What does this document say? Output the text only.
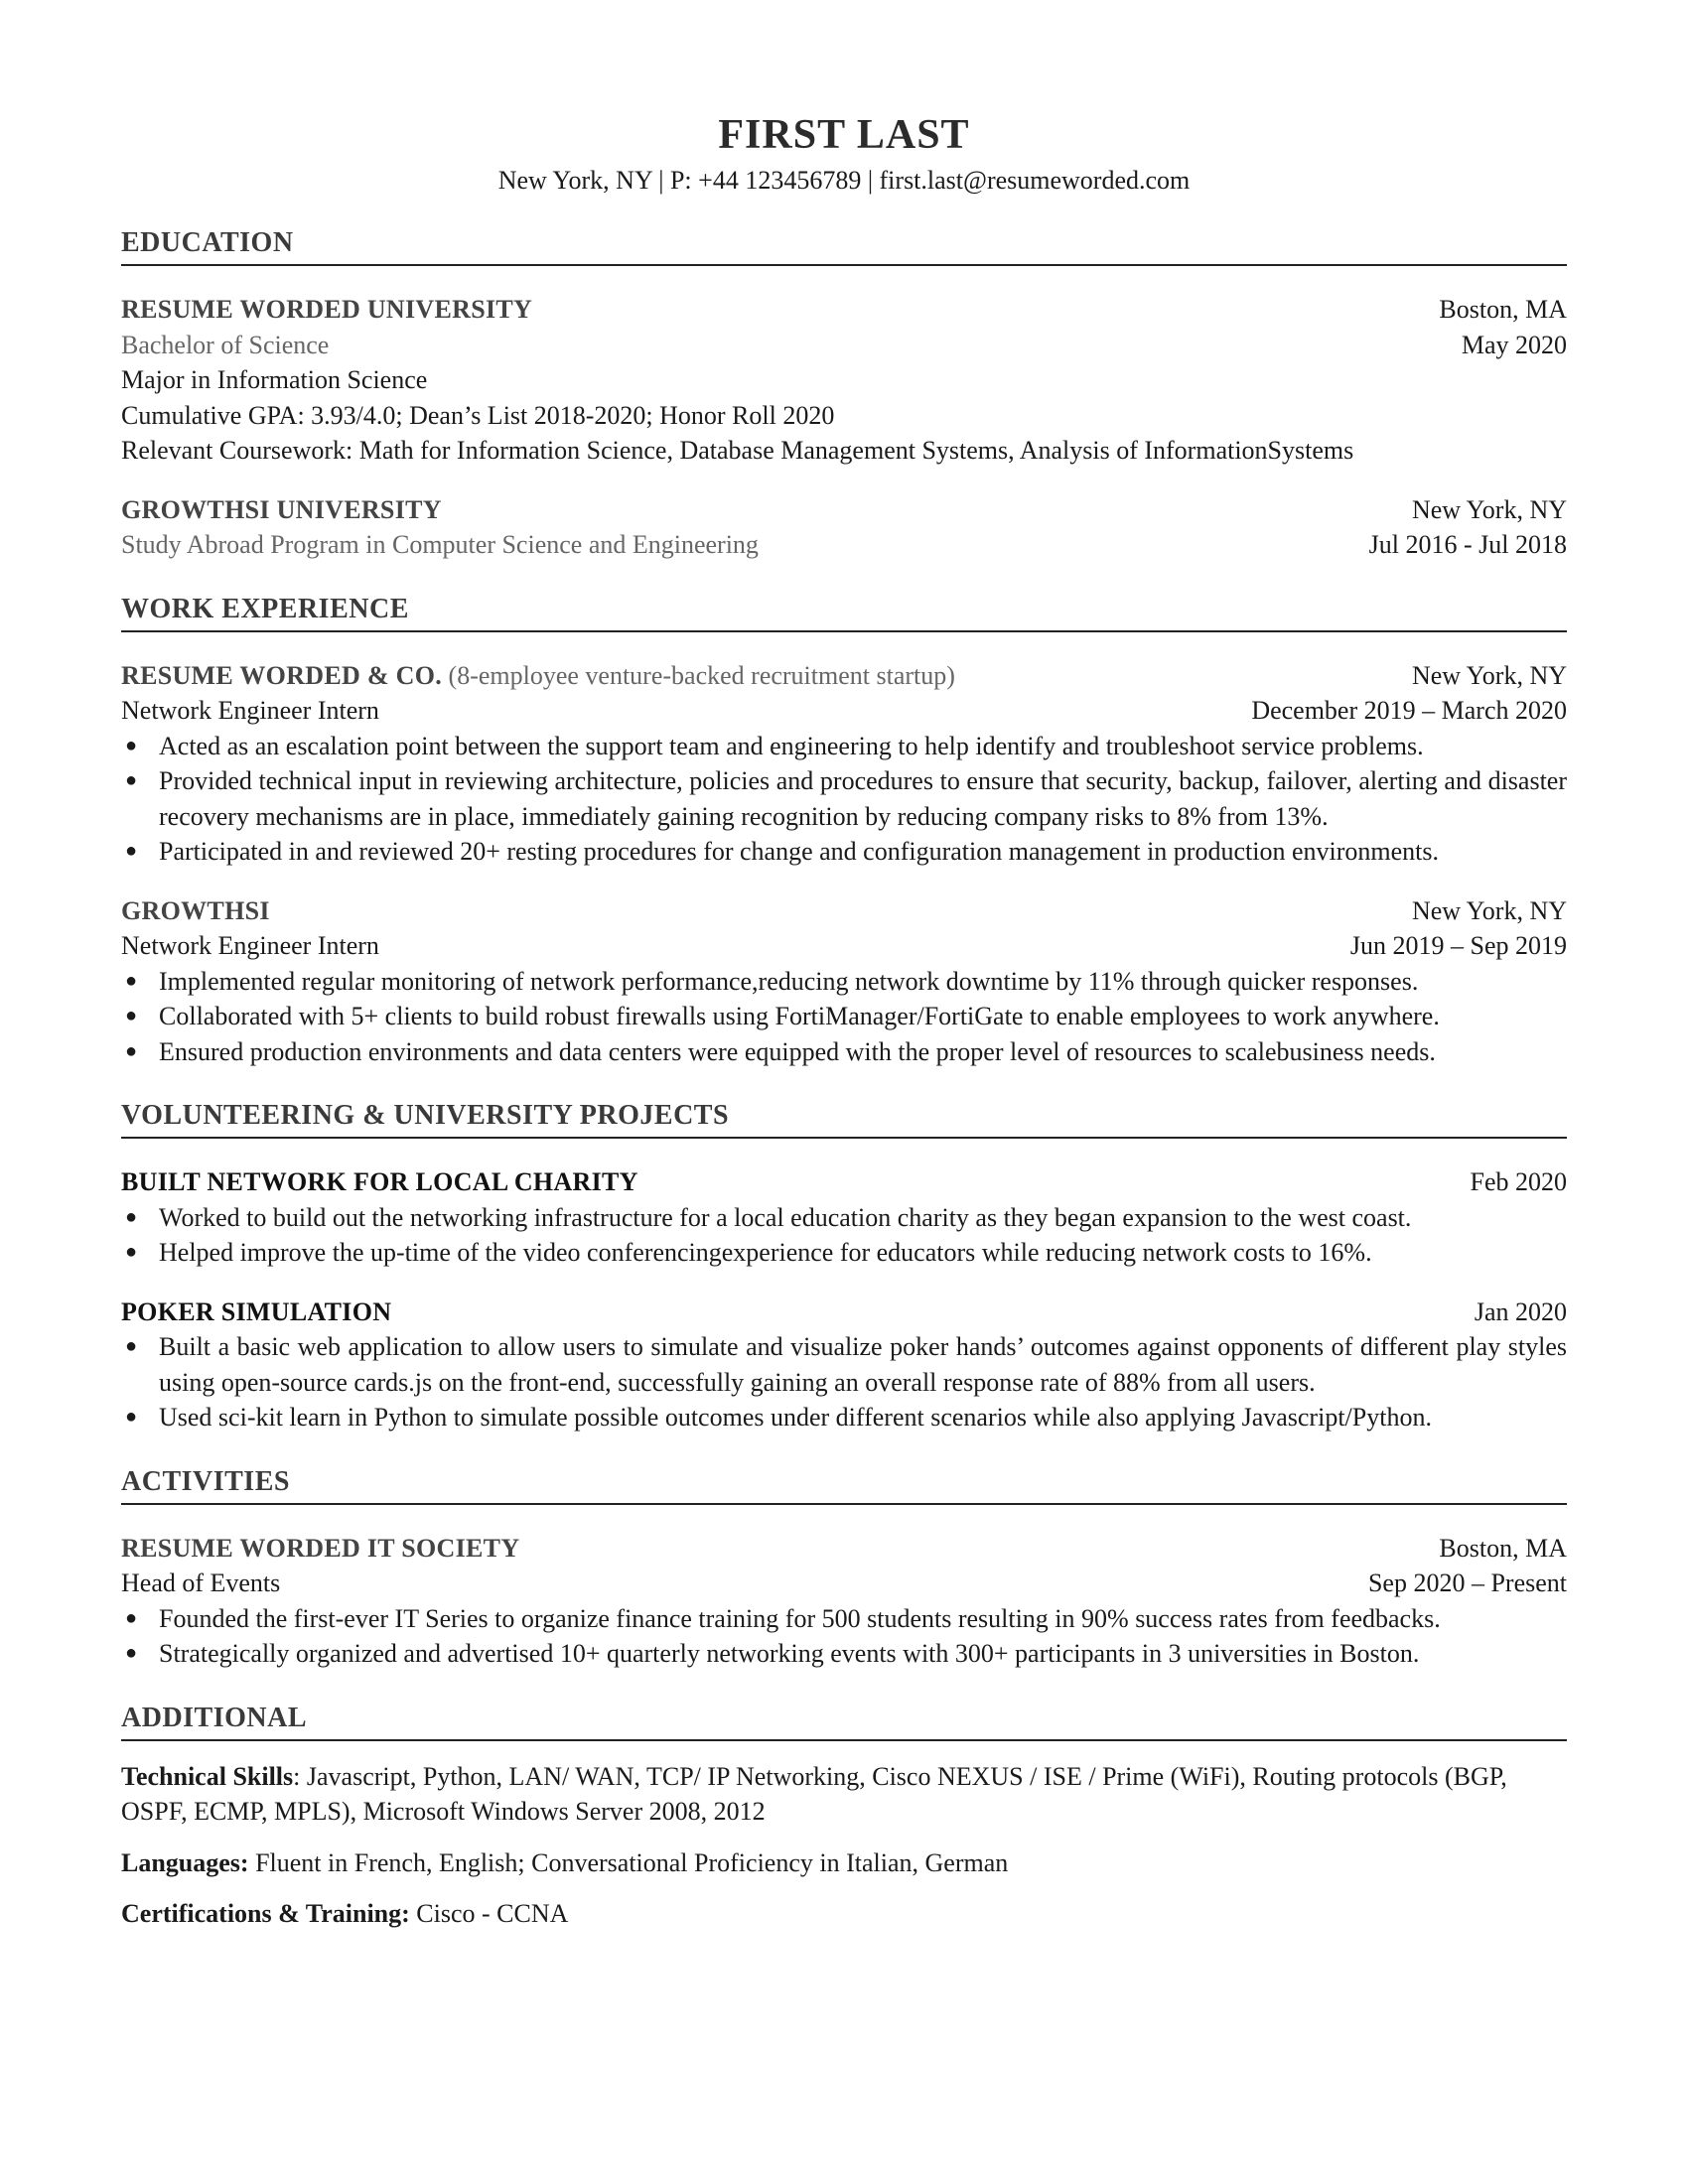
FIRST LAST
New York, NY | P: +44 123456789 | first.last@resumeworded.com
EDUCATION
RESUME WORDED UNIVERSITY	Boston, MA
Bachelor of Science	May 2020
Major in Information Science
Cumulative GPA: 3.93/4.0; Dean’s List 2018-2020; Honor Roll 2020
Relevant Coursework: Math for Information Science, Database Management Systems, Analysis of InformationSystems
GROWTHSI UNIVERSITY	New York, NY
Study Abroad Program in Computer Science and Engineering	Jul 2016 - Jul 2018
WORK EXPERIENCE
RESUME WORDED & CO. (8-employee venture-backed recruitment startup)	New York, NY
Network Engineer Intern	December 2019 – March 2020
● Acted as an escalation point between the support team and engineering to help identify and troubleshoot service problems.
● Provided technical input in reviewing architecture, policies and procedures to ensure that security, backup, failover, alerting and disaster recovery mechanisms are in place, immediately gaining recognition by reducing company risks to 8% from 13%.
● Participated in and reviewed 20+ resting procedures for change and configuration management in production environments.
GROWTHSI	New York, NY
Network Engineer Intern	Jun 2019 – Sep 2019
● Implemented regular monitoring of network performance,reducing network downtime by 11% through quicker responses.
● Collaborated with 5+ clients to build robust firewalls using FortiManager/FortiGate to enable employees to work anywhere.
● Ensured production environments and data centers were equipped with the proper level of resources to scalebusiness needs.
VOLUNTEERING & UNIVERSITY PROJECTS
BUILT NETWORK FOR LOCAL CHARITY	Feb 2020
● Worked to build out the networking infrastructure for a local education charity as they began expansion to the west coast.
● Helped improve the up-time of the video conferencingexperience for educators while reducing network costs to 16%.
POKER SIMULATION	Jan 2020
● Built a basic web application to allow users to simulate and visualize poker hands’ outcomes against opponents of different play styles using open-source cards.js on the front-end, successfully gaining an overall response rate of 88% from all users.
● Used sci-kit learn in Python to simulate possible outcomes under different scenarios while also applying Javascript/Python.
ACTIVITIES
RESUME WORDED IT SOCIETY	Boston, MA
Head of Events	Sep 2020 – Present
● Founded the first-ever IT Series to organize finance training for 500 students resulting in 90% success rates from feedbacks.
● Strategically organized and advertised 10+ quarterly networking events with 300+ participants in 3 universities in Boston.
ADDITIONAL
Technical Skills: Javascript, Python, LAN/ WAN, TCP/ IP Networking, Cisco NEXUS / ISE / Prime (WiFi), Routing protocols (BGP, OSPF, ECMP, MPLS), Microsoft Windows Server 2008, 2012
Languages: Fluent in French, English; Conversational Proficiency in Italian, German
Certifications & Training: Cisco - CCNA
